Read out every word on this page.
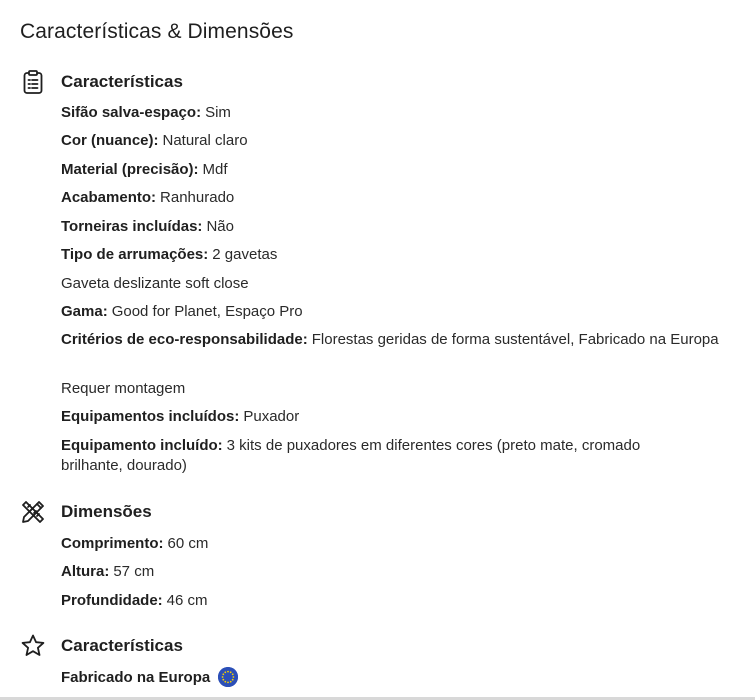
Características & Dimensões
Características

Sifão salva-espaço: Sim

Cor (nuance): Natural claro

Material (precisão): Mdf

Acabamento: Ranhurado

Torneiras incluídas: Não

Tipo de arrumações: 2 gavetas

Gaveta deslizante soft close

Gama: Good for Planet, Espaço Pro

Critérios de eco-responsabilidade: Florestas geridas de forma sustentável, Fabricado na Europa

Requer montagem

Equipamentos incluídos: Puxador

Equipamento incluído: 3 kits de puxadores em diferentes cores (preto mate, cromado brilhante, dourado)

Dimensões

Comprimento: 60 cm

Altura: 57 cm

Profundidade: 46 cm

Características

Fabricado na Europa
